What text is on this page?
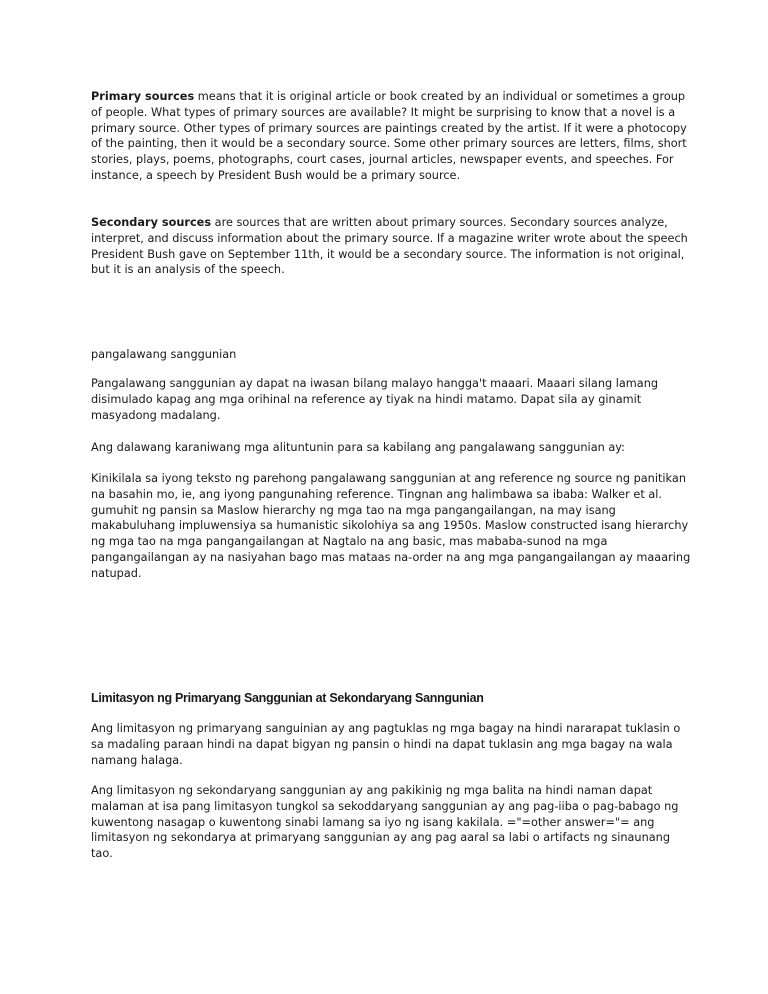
Primary sources means that it is original article or book created by an individual or sometimes a group of people. What types of primary sources are available? It might be surprising to know that a novel is a primary source. Other types of primary sources are paintings created by the artist. If it were a photocopy of the painting, then it would be a secondary source. Some other primary sources are letters, films, short stories, plays, poems, photographs, court cases, journal articles, newspaper events, and speeches. For instance, a speech by President Bush would be a primary source.

Secondary sources are sources that are written about primary sources. Secondary sources analyze, interpret, and discuss information about the primary source. If a magazine writer wrote about the speech President Bush gave on September 11th, it would be a secondary source. The information is not original, but it is an analysis of the speech.

pangalawang sanggunian

Pangalawang sanggunian ay dapat na iwasan bilang malayo hangga't maaari. Maaari silang lamang disimulado kapag ang mga orihinal na reference ay tiyak na hindi matamo. Dapat sila ay ginamit masyadong madalang.

Ang dalawang karaniwang mga alituntunin para sa kabilang ang pangalawang sanggunian ay:

Kinikilala sa iyong teksto ng parehong pangalawang sanggunian at ang reference ng source ng panitikan na basahin mo, ie, ang iyong pangunahing reference. Tingnan ang halimbawa sa ibaba: Walker et al. gumuhit ng pansin sa Maslow hierarchy ng mga tao na mga pangangailangan, na may isang makabuluhang impluwensiya sa humanistic sikolohiya sa ang 1950s. Maslow constructed isang hierarchy ng mga tao na mga pangangailangan at Nagtalo na ang basic, mas mababa-sunod na mga pangangailangan ay na nasiyahan bago mas mataas na-order na ang mga pangangailangan ay maaaring natupad.

Limitasyon ng Primaryang Sanggunian at Sekondaryang Sanngunian

Ang limitasyon ng primaryang sanguinian ay ang pagtuklas ng mga bagay na hindi nararapat tuklasin o sa madaling paraan hindi na dapat bigyan ng pansin o hindi na dapat tuklasin ang mga bagay na wala namang halaga.

Ang limitasyon ng sekondaryang sanggunian ay ang pakikinig ng mga balita na hindi naman dapat malaman at isa pang limitasyon tungkol sa sekoddaryang sanggunian ay ang pag-iiba o pag-babago ng kuwentong nasagap o kuwentong sinabi lamang sa iyo ng isang kakilala. ="=other answer="= ang limitasyon ng sekondarya at primaryang sanggunian ay ang pag aaral sa labi o artifacts ng sinaunang tao.
